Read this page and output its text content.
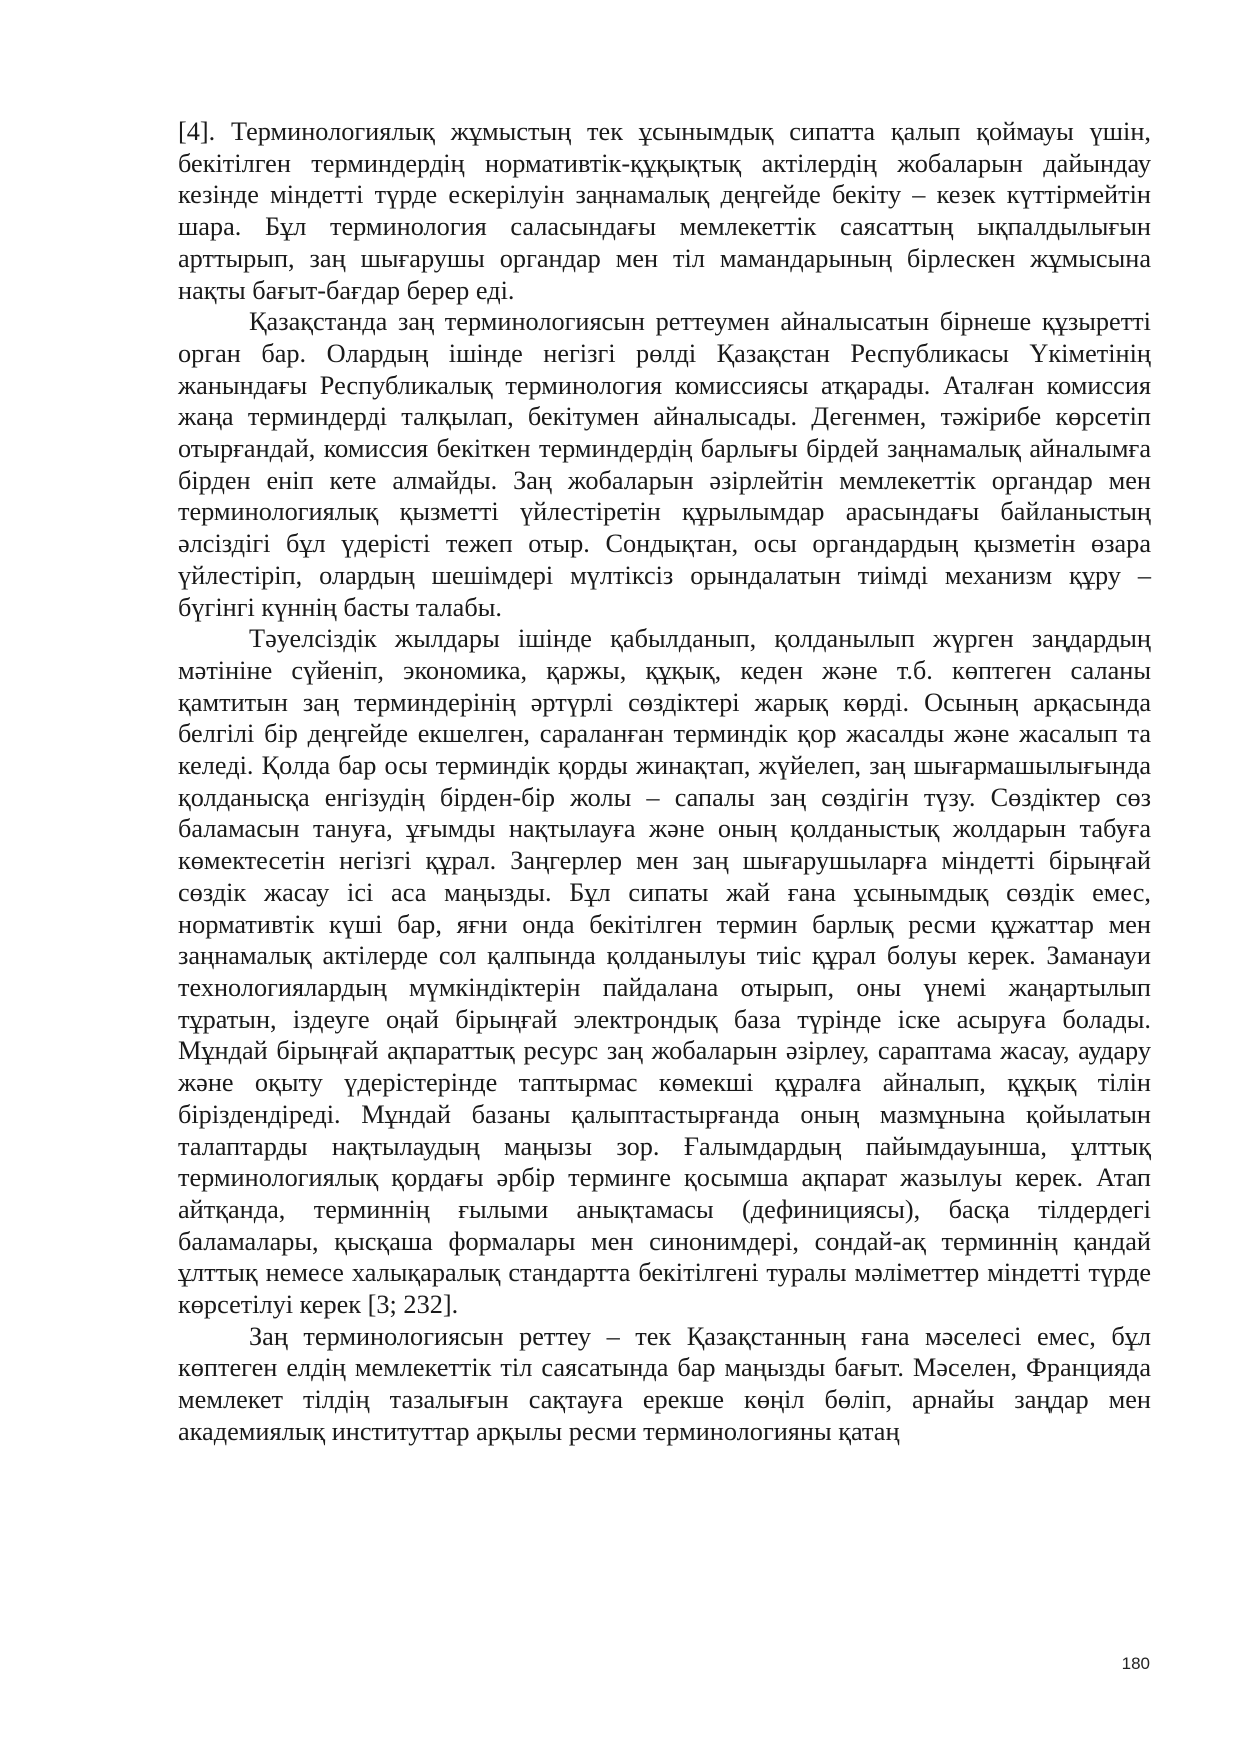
[4]. Терминологиялық жұмыстың тек ұсынымдық сипатта қалып қоймауы үшін, бекітілген терминдердің нормативтік-құқықтық актілердің жобаларын дайындау кезінде міндетті түрде ескерілуін заңнамалық деңгейде бекіту – кезек күттірмейтін шара. Бұл терминология саласындағы мемлекеттік саясаттың ықпалдылығын арттырып, заң шығарушы органдар мен тіл мамандарының бірлескен жұмысына нақты бағыт-бағдар берер еді.

Қазақстанда заң терминологиясын реттеумен айналысатын бірнеше құзыретті орган бар. Олардың ішінде негізгі рөлді Қазақстан Республикасы Үкіметінің жанындағы Республикалық терминология комиссиясы атқарады. Аталған комиссия жаңа терминдерді талқылап, бекітумен айналысады. Дегенмен, тәжірибе көрсетіп отырғандай, комиссия бекіткен терминдердің барлығы бірдей заңнамалық айналымға бірден еніп кете алмайды. Заң жобаларын әзірлейтін мемлекеттік органдар мен терминологиялық қызметті үйлестіретін құрылымдар арасындағы байланыстың әлсіздігі бұл үдерісті тежеп отыр. Сондықтан, осы органдардың қызметін өзара үйлестіріп, олардың шешімдері мүлтіксіз орындалатын тиімді механизм құру – бүгінгі күннің басты талабы.

Тәуелсіздік жылдары ішінде қабылданып, қолданылып жүрген заңдардың мәтініне сүйеніп, экономика, қаржы, құқық, кеден және т.б. көптеген саланы қамтитын заң терминдерінің әртүрлі сөздіктері жарық көрді. Осының арқасында белгілі бір деңгейде екшелген, сараланған терминдік қор жасалды және жасалып та келеді. Қолда бар осы терминдік қорды жинақтап, жүйелеп, заң шығармашылығында қолданысқа енгізудің бірден-бір жолы – сапалы заң сөздігін түзу. Сөздіктер сөз баламасын тануға, ұғымды нақтылауға және оның қолданыстық жолдарын табуға көмектесетін негізгі құрал. Заңгерлер мен заң шығарушыларға міндетті бірыңғай сөздік жасау ісі аса маңызды. Бұл сипаты жай ғана ұсынымдық сөздік емес, нормативтік күші бар, яғни онда бекітілген термин барлық ресми құжаттар мен заңнамалық актілерде сол қалпында қолданылуы тиіс құрал болуы керек. Заманауи технологиялардың мүмкіндіктерін пайдалана отырып, оны үнемі жаңартылып тұратын, іздеуге оңай бірыңғай электрондық база түрінде іске асыруға болады. Мұндай бірыңғай ақпараттық ресурс заң жобаларын әзірлеу, сараптама жасау, аудару және оқыту үдерістерінде таптырмас көмекші құралға айналып, құқық тілін біріздендіреді. Мұндай базаны қалыптастырғанда оның мазмұнына қойылатын талаптарды нақтылаудың маңызы зор. Ғалымдардың пайымдауынша, ұлттық терминологиялық қордағы әрбір терминге қосымша ақпарат жазылуы керек. Атап айтқанда, терминнің ғылыми анықтамасы (дефинициясы), басқа тілдердегі баламалары, қысқаша формалары мен синонимдері, сондай-ақ терминнің қандай ұлттық немесе халықаралық стандартта бекітілгені туралы мәліметтер міндетті түрде көрсетілуі керек [3; 232].

Заң терминологиясын реттеу – тек Қазақстанның ғана мәселесі емес, бұл көптеген елдің мемлекеттік тіл саясатында бар маңызды бағыт. Мәселен, Францияда мемлекет тілдің тазалығын сақтауға ерекше көңіл бөліп, арнайы заңдар мен академиялық институттар арқылы ресми терминологияны қатаң

180
